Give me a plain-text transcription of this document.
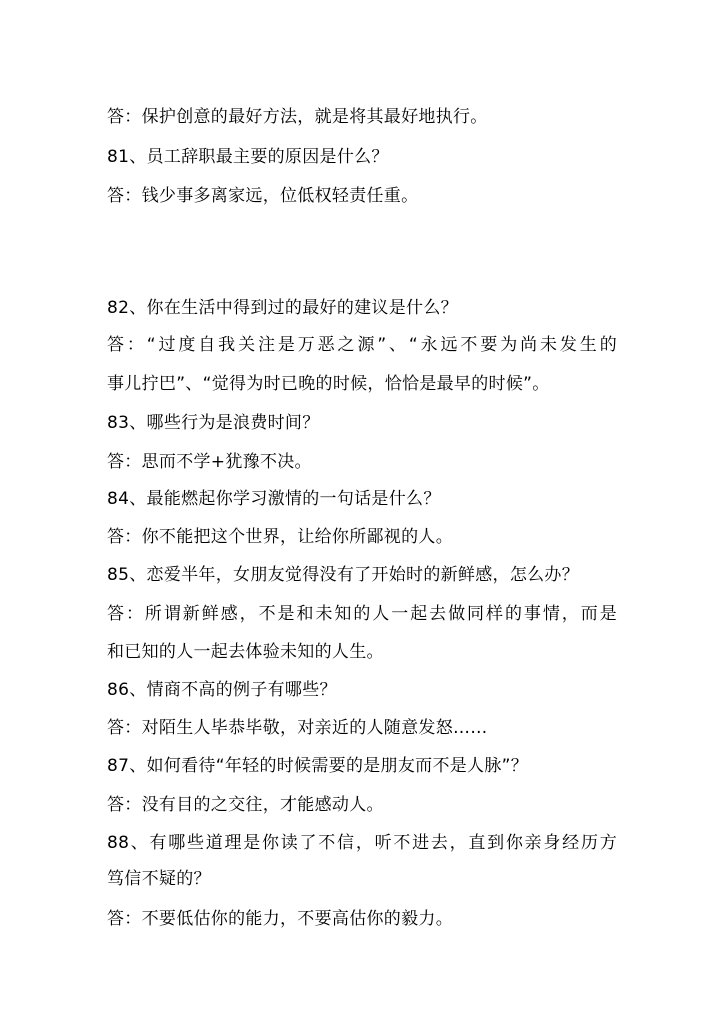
答：保护创意的最好方法，就是将其最好地执行。
81、员工辞职最主要的原因是什么？
答：钱少事多离家远，位低权轻责任重。
82、你在生活中得到过的最好的建议是什么？
答：“过度自我关注是万恶之源”、“永远不要为尚未发生的
事儿拧巴”、“觉得为时已晚的时候，恰恰是最早的时候”。
83、哪些行为是浪费时间？
答：思而不学+犹豫不决。
84、最能燃起你学习激情的一句话是什么？
答：你不能把这个世界，让给你所鄙视的人。
85、恋爱半年，女朋友觉得没有了开始时的新鲜感，怎么办？
答：所谓新鲜感，不是和未知的人一起去做同样的事情，而是
和已知的人一起去体验未知的人生。
86、情商不高的例子有哪些？
答：对陌生人毕恭毕敬，对亲近的人随意发怒……
87、如何看待“年轻的时候需要的是朋友而不是人脉”？
答：没有目的之交往，才能感动人。
88、有哪些道理是你读了不信，听不进去，直到你亲身经历方
笃信不疑的？
答：不要低估你的能力，不要高估你的毅力。
